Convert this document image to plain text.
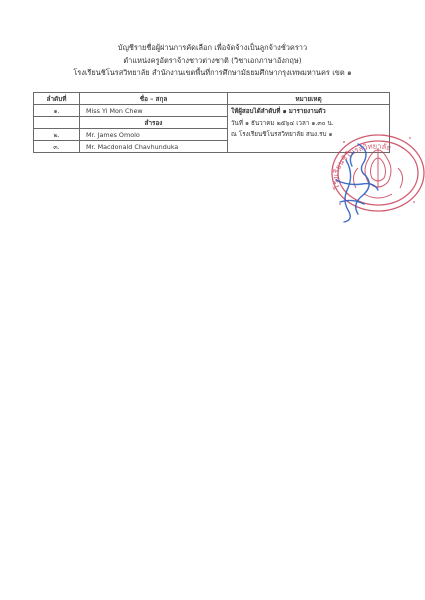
บัญชีรายชื่อผู้ผ่านการคัดเลือก เพื่อจัดจ้างเป็นลูกจ้างชั่วคราว
ตำแหน่งครูอัตราจ้างชาวต่างชาติ (วิชาเอกภาษาอังกฤษ)
โรงเรียนชิโนรสวิทยาลัย สำนักงานเขตพื้นที่การศึกษามัธยมศึกษากรุงเทพมหานคร เขต ๑
ลำดับที่	ชื่อ – สกุล	หมายเหตุ
๑.	Miss Yi Mon Chew	ให้ผู้สอบได้ลำดับที่ ๑ มารายงานตัว
วันที่ ๑ ธันวาคม ๒๕๖๔ เวลา ๑.๓๐ น.
ณ โรงเรียนชิโนรสวิทยาลัย สนง.รบ ๑

	สำรอง	
๒.	Mr. James Omolo	
๓.	Mr. Macdonald Chavhunduka	
โรงเรียนชิโนรสวิทยาลัย
